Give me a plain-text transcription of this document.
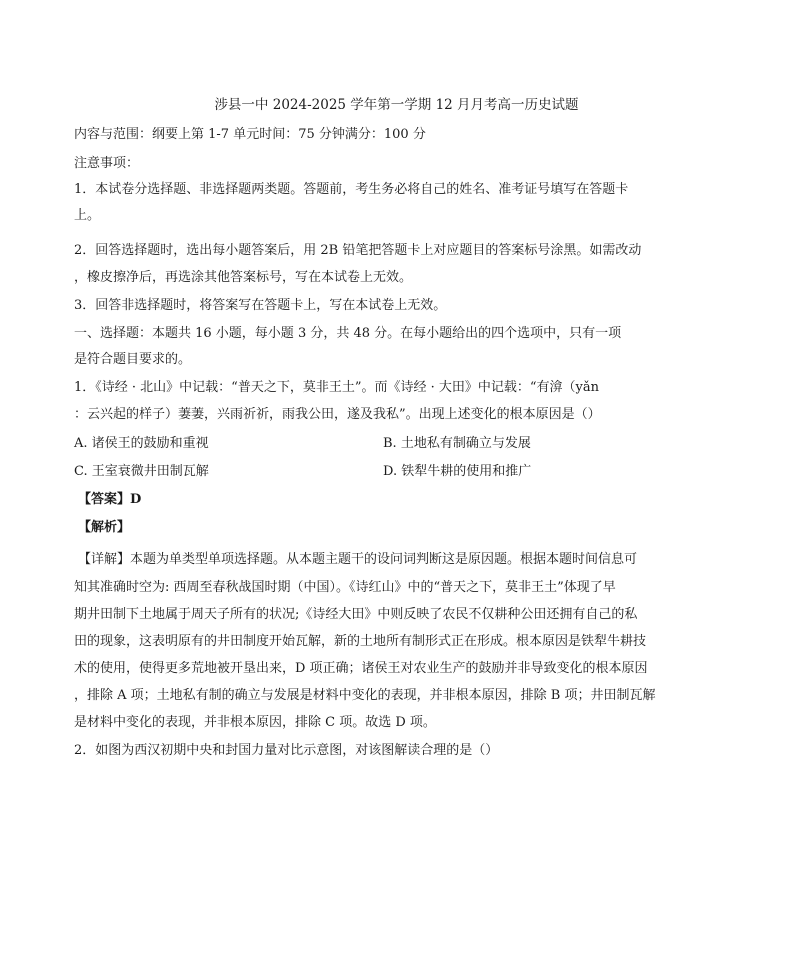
涉县一中 2024-2025 学年第一学期 12 月月考高一历史试题
内容与范围：纲要上第 1-7 单元时间：75 分钟满分：100 分
注意事项：
1．本试卷分选择题、非选择题两类题。答题前，考生务必将自己的姓名、准考证号填写在答题卡
上。
2．回答选择题时，选出每小题答案后，用 2B 铅笔把答题卡上对应题目的答案标号涂黑。如需改动
，橡皮擦净后，再选涂其他答案标号，写在本试卷上无效。
3．回答非选择题时，将答案写在答题卡上，写在本试卷上无效。
一、选择题：本题共 16 小题，每小题 3 分，共 48 分。在每小题给出的四个选项中，只有一项
是符合题目要求的。
1．《诗经 · 北山》中记载：“普天之下，莫非王土”。而《诗经 · 大田》中记载：“有渰（yǎn
：云兴起的样子）萋萋，兴雨祈祈，雨我公田，遂及我私”。出现上述变化的根本原因是（）
A. 诸侯王的鼓励和重视	B. 土地私有制确立与发展
C. 王室衰微井田制瓦解	D. 铁犁牛耕的使用和推广
【答案】D
【解析】
【详解】本题为单类型单项选择题。从本题主题干的设问词判断这是原因题。根据本题时间信息可
知其准确时空为: 西周至春秋战国时期（中国）。《诗红山》中的“普天之下，莫非王土”体现了早
期井田制下土地属于周天子所有的状况;《诗经大田》中则反映了农民不仅耕种公田还拥有自己的私
田的现象，这表明原有的井田制度开始瓦解，新的土地所有制形式正在形成。根本原因是铁犁牛耕技
术的使用，使得更多荒地被开垦出来，D 项正确；诸侯王对农业生产的鼓励并非导致变化的根本原因
，排除 A 项；土地私有制的确立与发展是材料中变化的表现，并非根本原因，排除 B 项；井田制瓦解
是材料中变化的表现，并非根本原因，排除 C 项。故选 D 项。
2．如图为西汉初期中央和封国力量对比示意图，对该图解读合理的是（）
